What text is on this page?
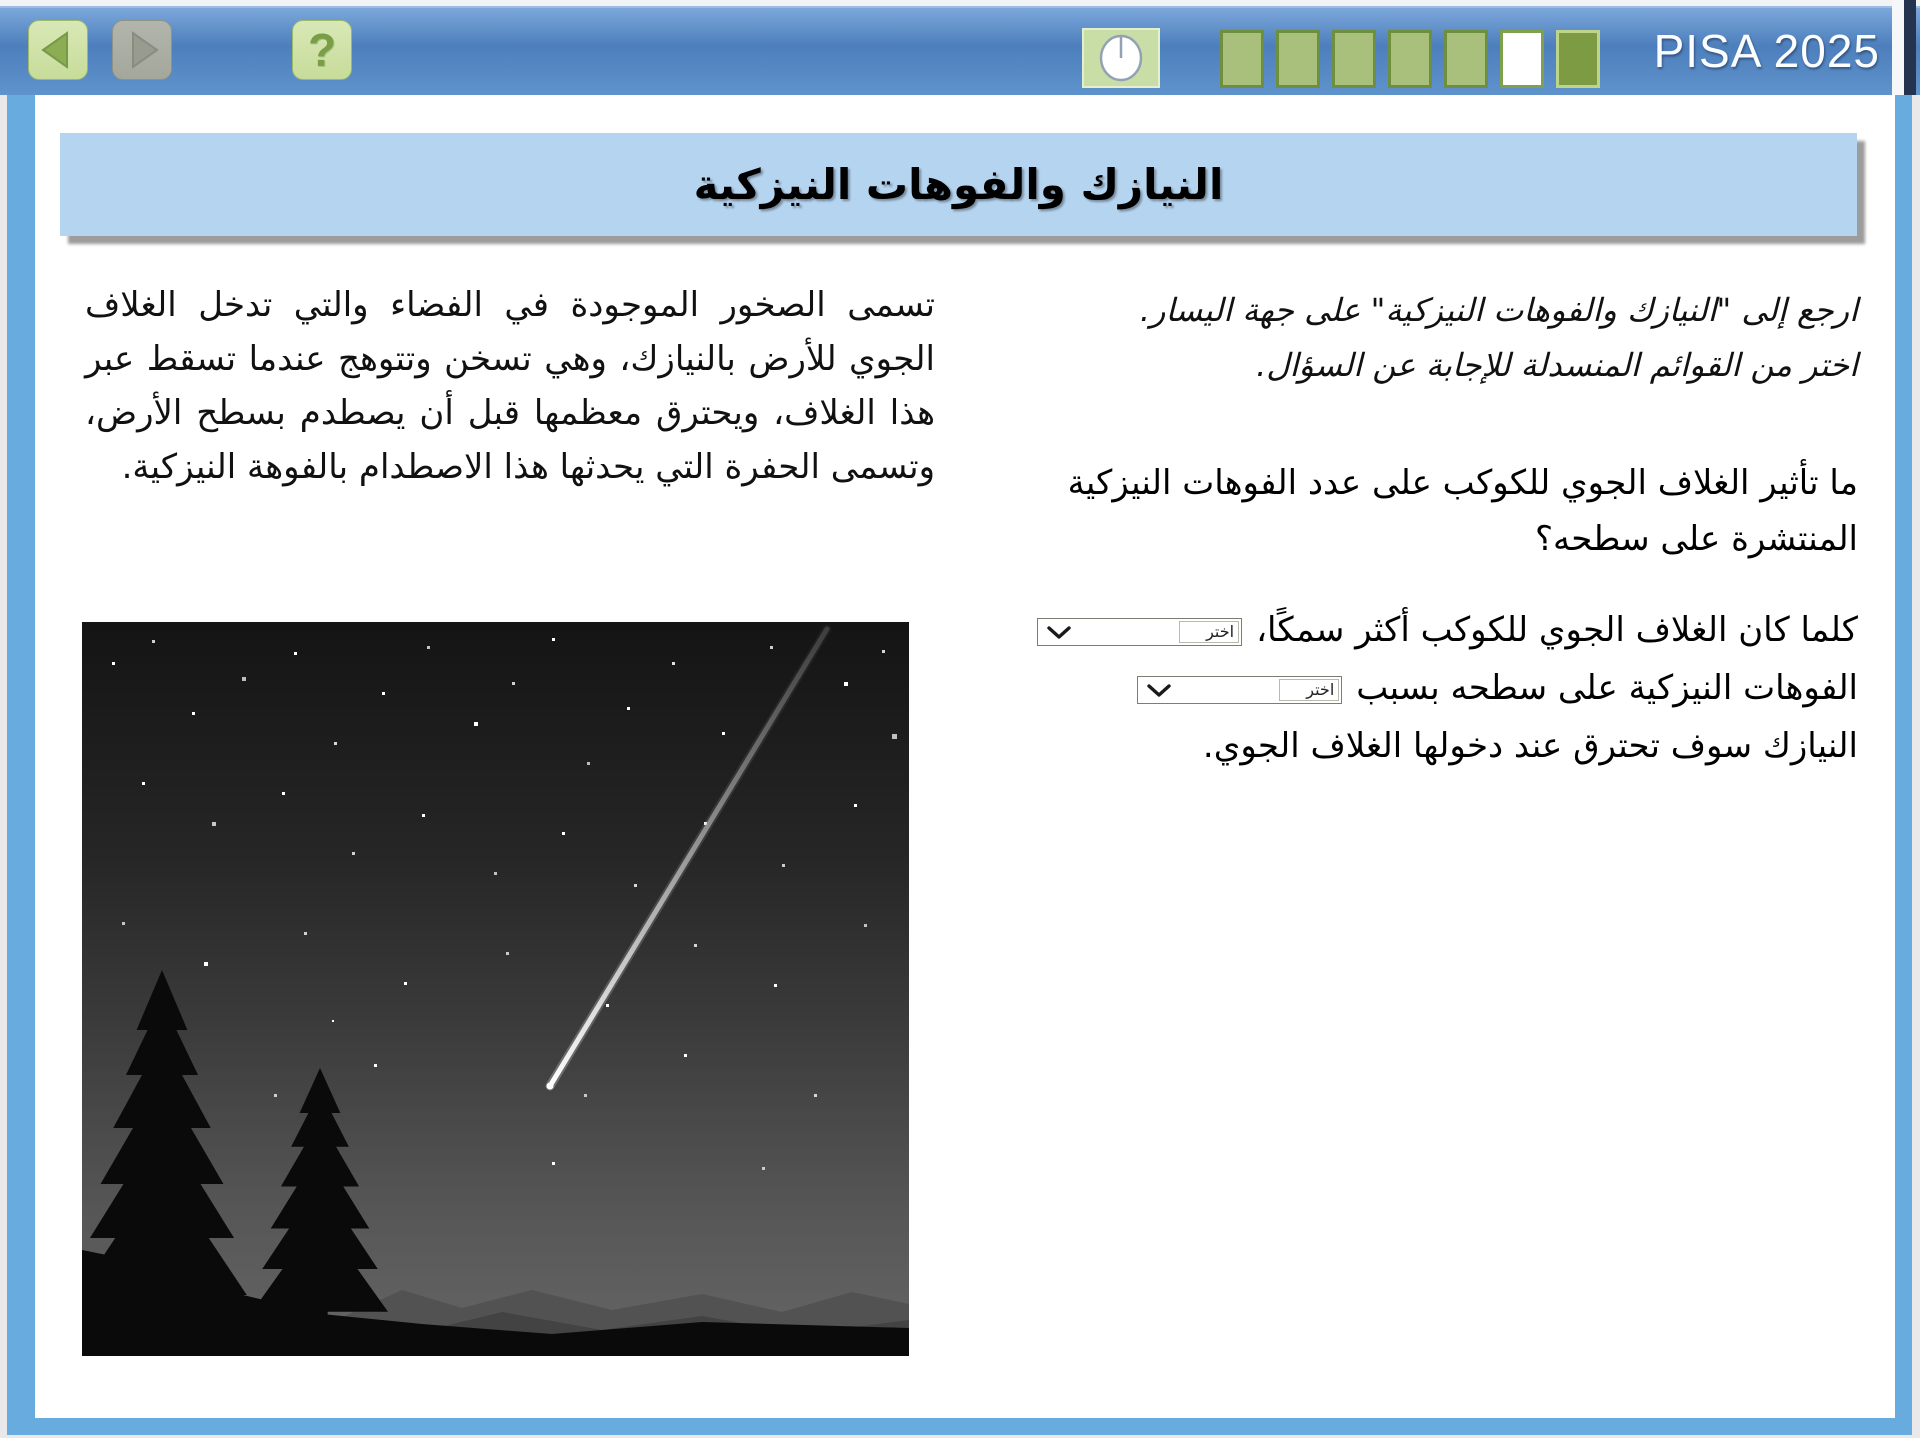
?	PISA 2025
النيازك والفوهات النيزكية
تسمى الصخور الموجودة في الفضاء والتي تدخل الغلاف الجوي للأرض بالنيازك، وهي تسخن وتتوهج عندما تسقط عبر هذا الغلاف، ويحترق معظمها قبل أن يصطدم بسطح الأرض، وتسمى الحفرة التي يحدثها هذا الاصطدام بالفوهة النيزكية.
ارجع إلى "النيازك والفوهات النيزكية" على جهة اليسار.
اختر من القوائم المنسدلة للإجابة عن السؤال.
ما تأثير الغلاف الجوي للكوكب على عدد الفوهات النيزكية المنتشرة على سطحه؟
كلما كان الغلاف الجوي للكوكب أكثر سمكًا،
اختر
الفوهات النيزكية على سطحه بسبب
اختر
النيازك سوف تحترق عند دخولها الغلاف الجوي.
